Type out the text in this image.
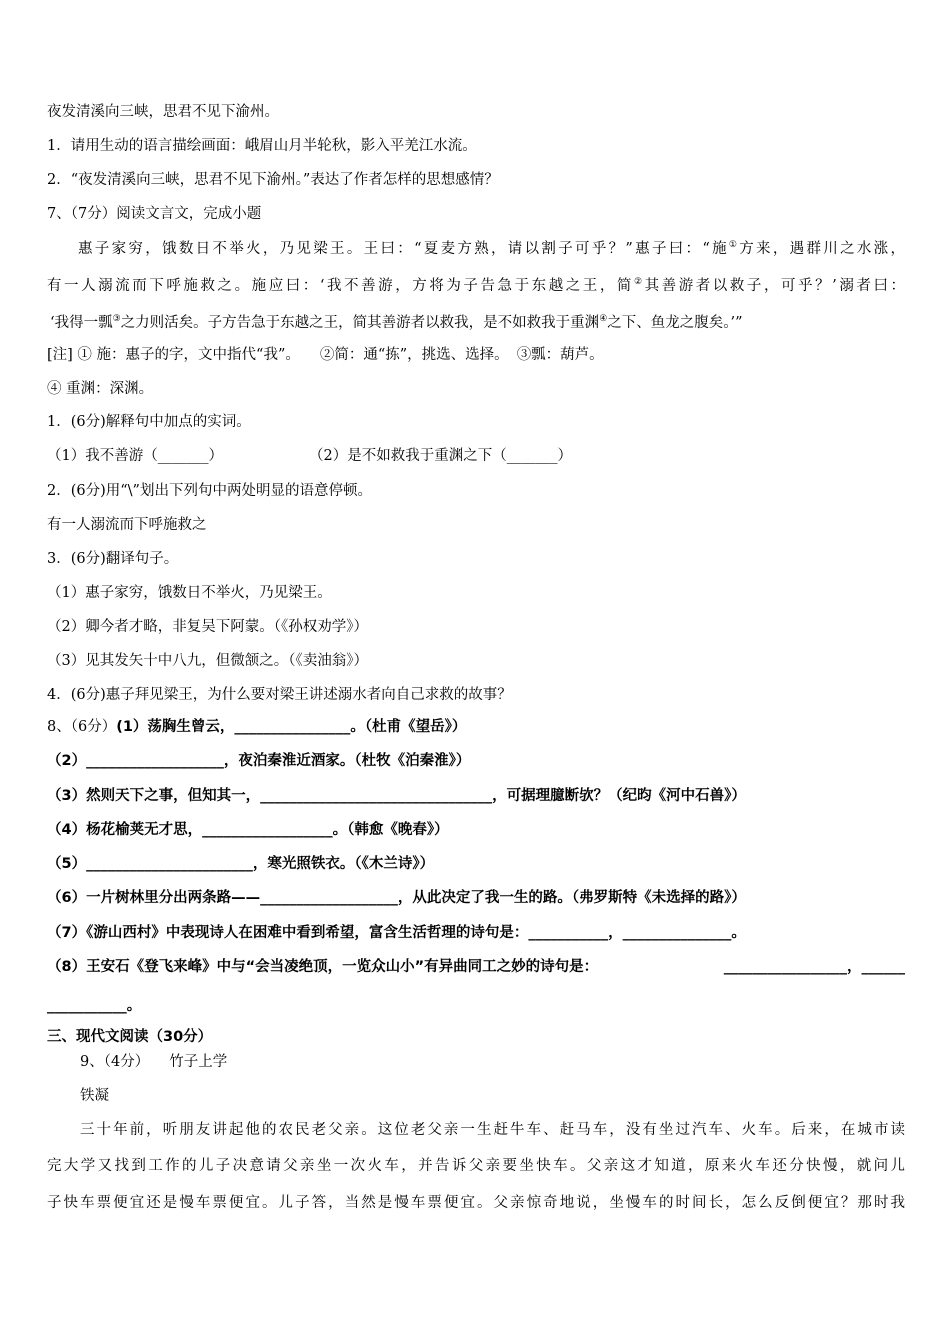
夜发清溪向三峡，思君不见下渝州。
1．请用生动的语言描绘画面：峨眉山月半轮秋，影入平羌江水流。
2．“夜发清溪向三峡，思君不见下渝州。”表达了作者怎样的思想感情？
7、（7分）阅读文言文，完成小题
惠子家穷，饿数日不举火，乃见梁王。王曰：“夏麦方熟，请以割子可乎？”惠子曰：“施①方来，遇群川之水涨，
有一人溺流而下呼施救之。施应曰：‘我不善游，方将为子告急于东越之王，简②其善游者以救子，可乎？’溺者曰：
‘我得一瓢③之力则活矣。子方告急于东越之王，简其善游者以救我，是不如救我于重渊④之下、鱼龙之腹矣。’”
[注] ① 施：惠子的字，文中指代“我”。 ②简：通“拣”，挑选、选择。 ③瓢：葫芦。
④ 重渊：深渊。
1．(6分)解释句中加点的实词。
（1）我不善游（_______）	（2）是不如救我于重渊之下（_______）
2．(6分)用“\”划出下列句中两处明显的语意停顿。
有一人溺流而下呼施救之
3．(6分)翻译句子。
（1）惠子家穷，饿数日不举火，乃见梁王。
（2）卿今者才略，非复吴下阿蒙。（《孙权劝学》）
（3）见其发矢十中八九，但微颔之。（《卖油翁》）
4．(6分)惠子拜见梁王，为什么要对梁王讲述溺水者向自己求救的故事？
8、（6分）(1）荡胸生曾云，________________。（杜甫《望岳》）
（2）___________________，夜泊秦淮近酒家。（杜牧《泊秦淮》）
（3）然则天下之事，但知其一，________________________________，可据理臆断欤？（纪昀《河中石兽》）
（4）杨花榆荚无才思，__________________。（韩愈《晚春》）
（5）_______________________，寒光照铁衣。（《木兰诗》）
（6）一片树林里分出两条路——___________________，从此决定了我一生的路。（弗罗斯特《未选择的路》）
（7）《游山西村》中表现诗人在困难中看到希望，富含生活哲理的诗句是：___________，_______________。
（8）王安石《登飞来峰》中与“会当凌绝顶，一览众山小”有异曲同工之妙的诗句是：	_________________，______
___________。
三、现代文阅读（30分）
9、（4分） 竹子上学
铁凝
三十年前，听朋友讲起他的农民老父亲。这位老父亲一生赶牛车、赶马车，没有坐过汽车、火车。后来，在城市读
完大学又找到工作的儿子决意请父亲坐一次火车，并告诉父亲要坐快车。父亲这才知道，原来火车还分快慢，就问儿
子快车票便宜还是慢车票便宜。儿子答，当然是慢车票便宜。父亲惊奇地说，坐慢车的时间长，怎么反倒便宜？那时我
